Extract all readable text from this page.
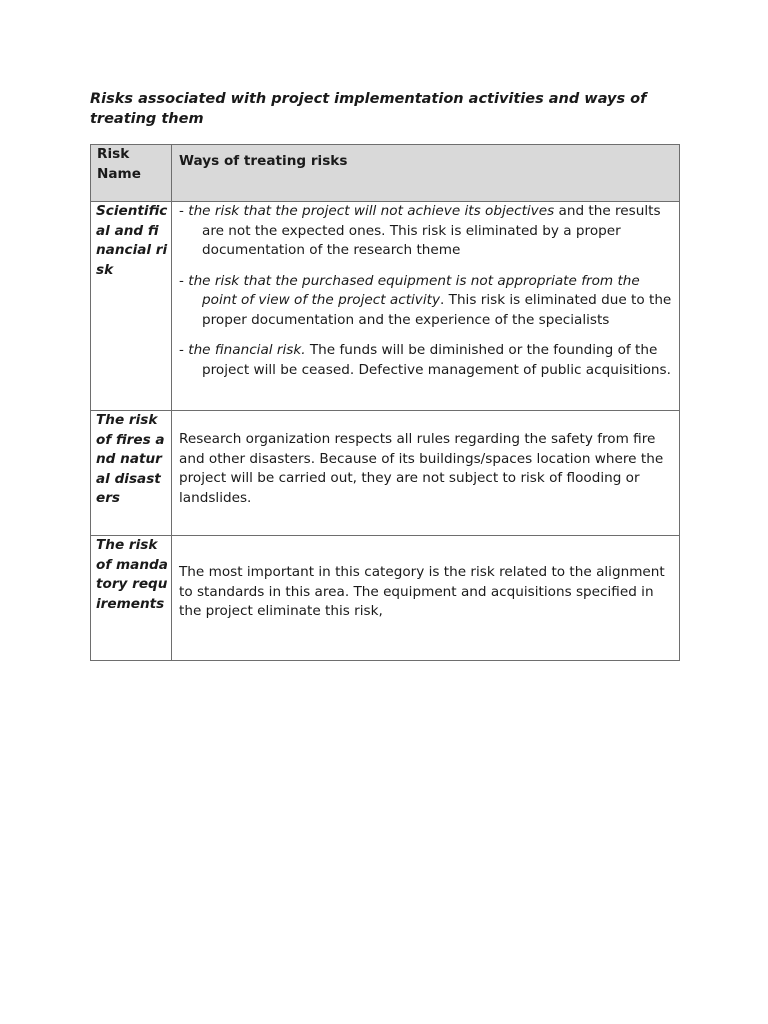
Risks associated with project implementation activities and ways of treating them
Risk Name	Ways of treating risks
Scientifical and financial risk	- the risk that the project will not achieve its objectives and the results are not the expected ones. This risk is eliminated by a proper documentation of the research theme

- the risk that the purchased equipment is not appropriate from the point of view of the project activity. This risk is eliminated due to the proper documentation and the experience of the specialists

- the financial risk. The funds will be diminished or the founding of the project will be ceased. Defective management of public acquisitions.

The risk of fires and natural disasters	Research organization respects all rules regarding the safety from fire and other disasters. Because of its buildings/spaces location where the project will be carried out, they are not subject to risk of flooding or landslides.
The risk of mandatory requirements	The most important in this category is the risk related to the alignment to standards in this area. The equipment and acquisitions specified in the project eliminate this risk,
